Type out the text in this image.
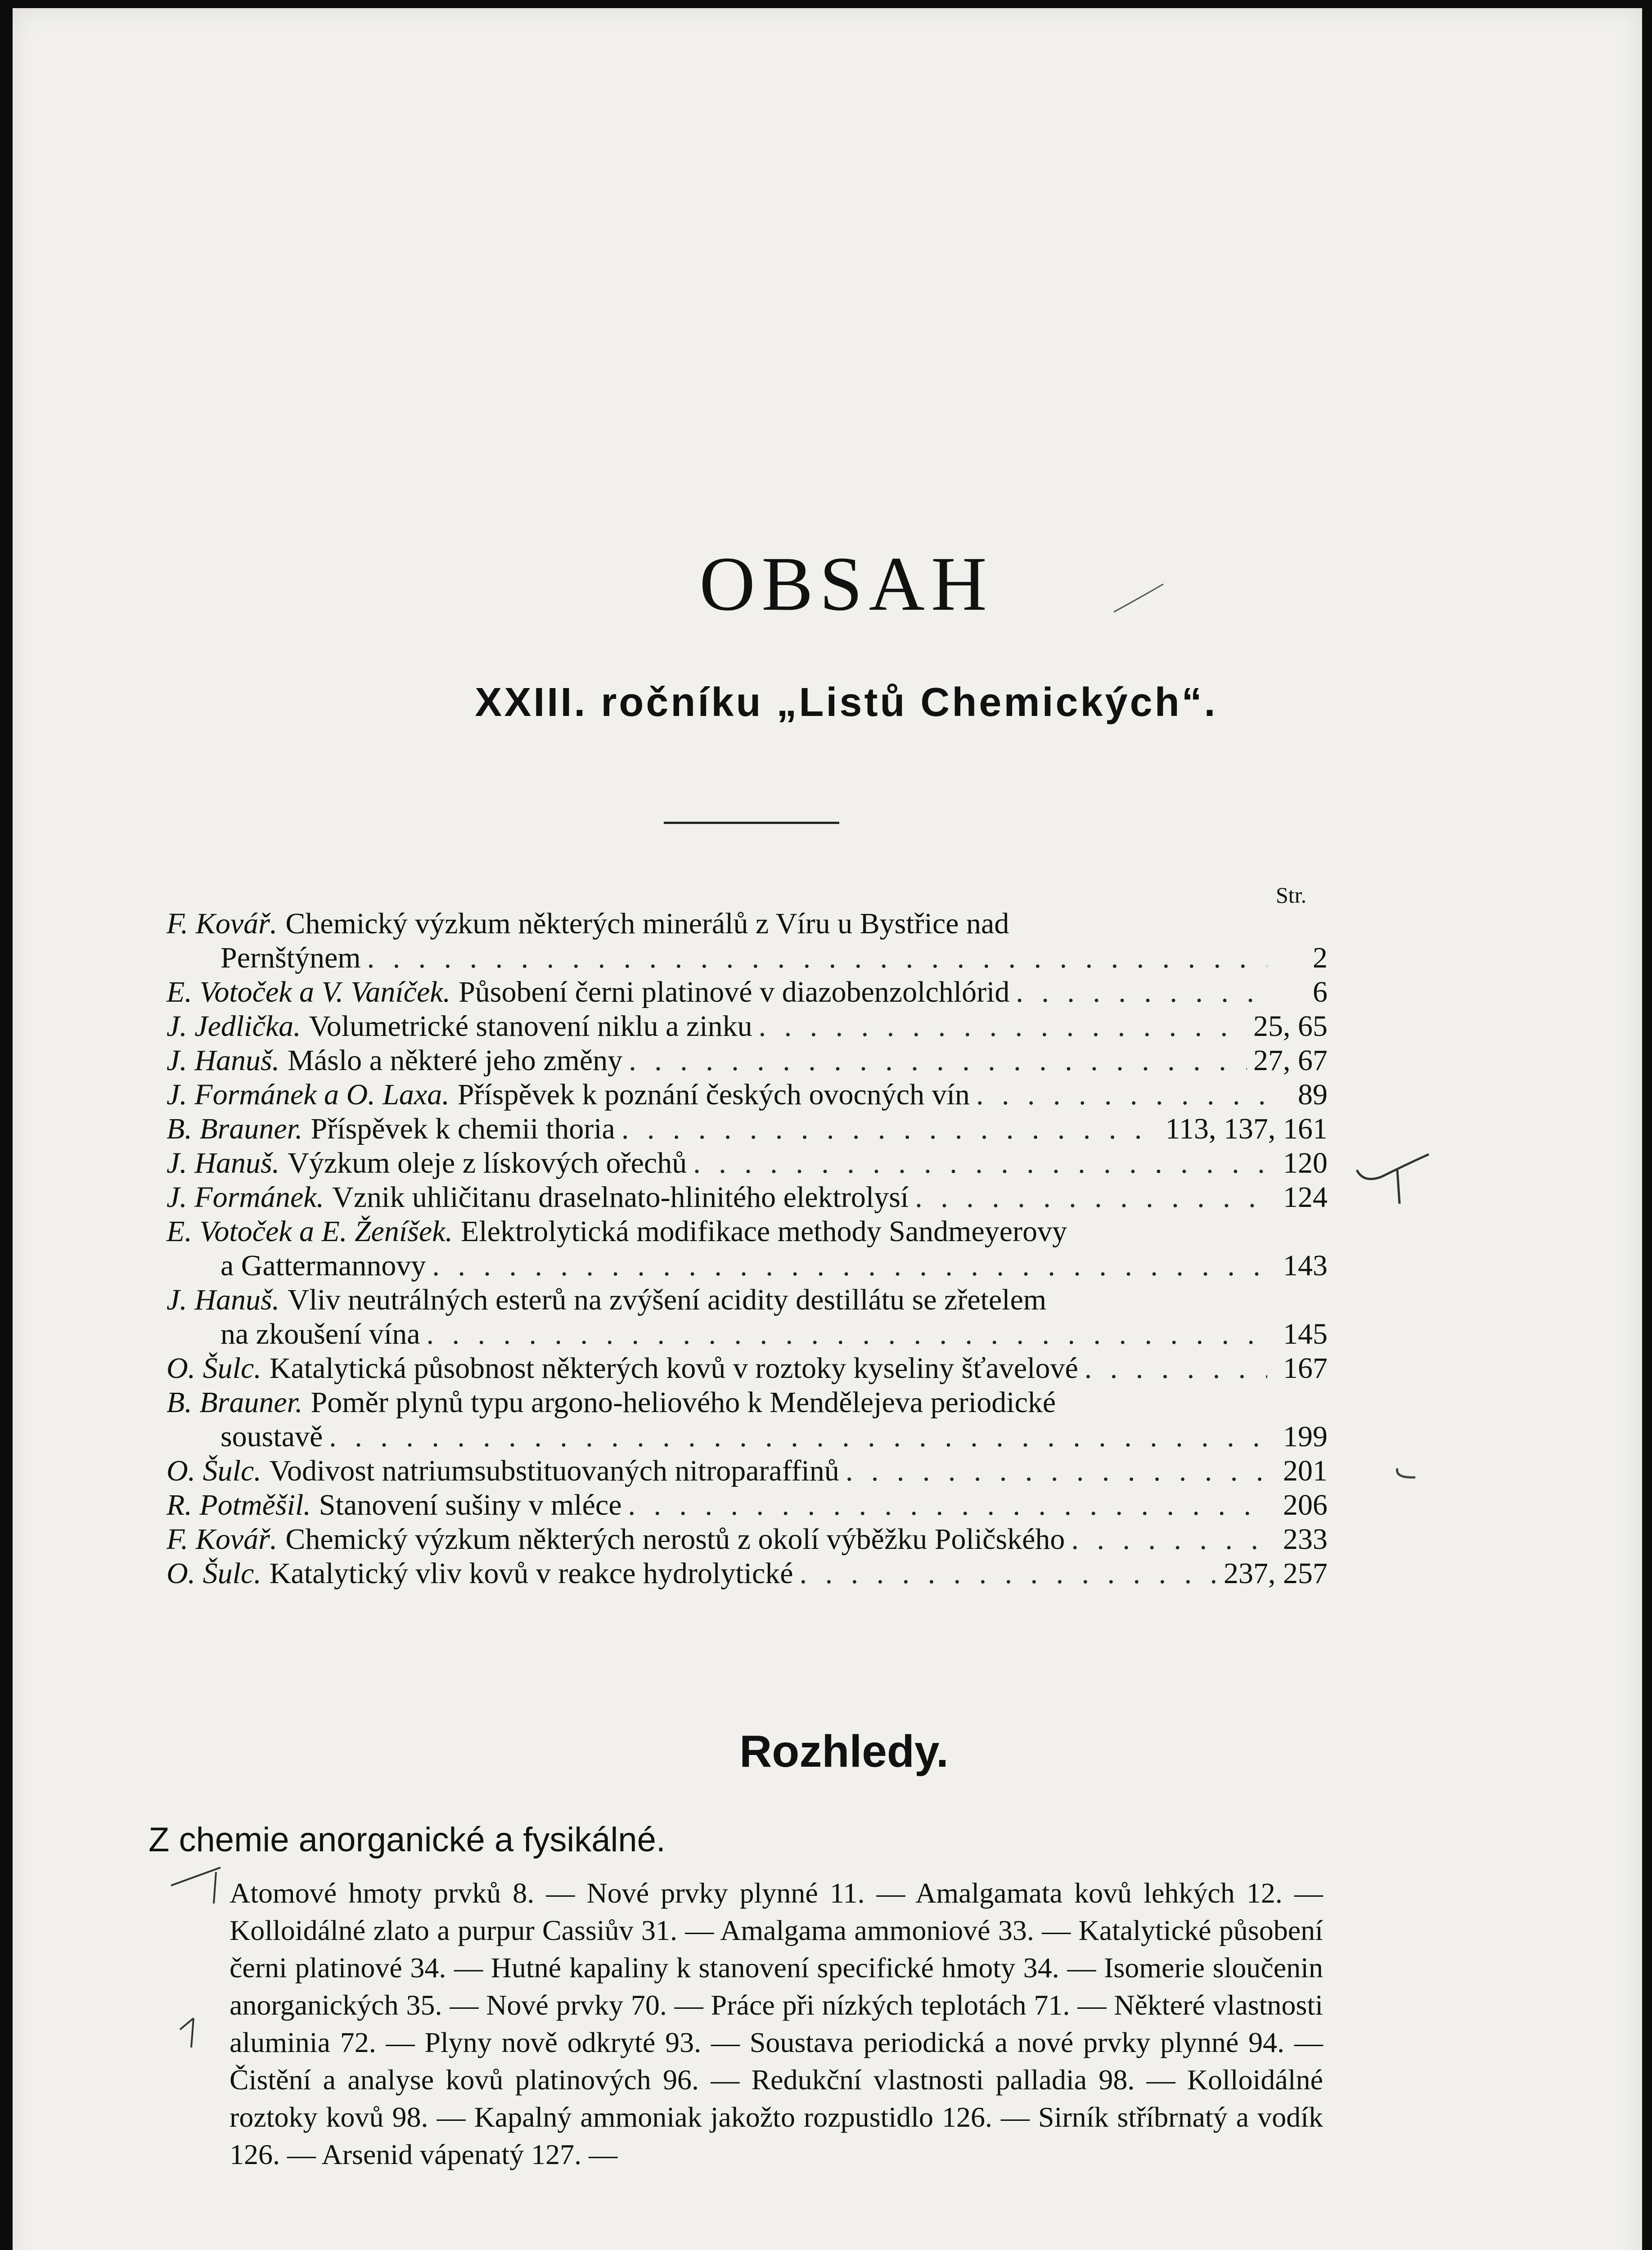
OBSAH
XXIII. ročníku „Listů Chemických“.
Str.
F. Kovář. Chemický výzkum některých minerálů z Víru u Bystřice nad
Pernštýnem . . .	2
E. Votoček a V. Vaníček. Působení černi platinové v diazobenzolchlórid . . .	6
J. Jedlička. Volumetrické stanovení niklu a zinku . . .	25, 65
J. Hanuš. Máslo a některé jeho změny . . .	27, 67
J. Formánek a O. Laxa. Příspěvek k poznání českých ovocných vín . . .	89
B. Brauner. Příspěvek k chemii thoria . . .	113, 137, 161
J. Hanuš. Výzkum oleje z lískových ořechů . . .	120
J. Formánek. Vznik uhličitanu draselnato-hlinitého elektrolysí . . .	124
E. Votoček a E. Ženíšek. Elektrolytická modifikace methody Sandmeyerovy
a Gattermannovy . . .	143
J. Hanuš. Vliv neutrálných esterů na zvýšení acidity destillátu se zřetelem
na zkoušení vína . . .	145
O. Šulc. Katalytická působnost některých kovů v roztoky kyseliny šťavelové . . .	167
B. Brauner. Poměr plynů typu argono-heliového k Mendělejeva periodické
soustavě . . .	199
O. Šulc. Vodivost natriumsubstituovaných nitroparaffinů . . .	201
R. Potměšil. Stanovení sušiny v mléce . . .	206
F. Kovář. Chemický výzkum některých nerostů z okolí výběžku Poličského . . .	233
O. Šulc. Katalytický vliv kovů v reakce hydrolytické . . .	237, 257
Rozhledy.
Z chemie anorganické a fysikálné.
Atomové hmoty prvků 8. — Nové prvky plynné 11. — Amalgamata kovů lehkých 12. — Kolloidálné zlato a purpur Cassiův 31. — Amalgama ammoniové 33. — Katalytické působení černi platinové 34. — Hutné kapaliny k stanovení specifické hmoty 34. — Isomerie sloučenin anorganických 35. — Nové prvky 70. — Práce při nízkých teplotách 71. — Některé vlastnosti aluminia 72. — Plyny nově odkryté 93. — Soustava periodická a nové prvky plynné 94. — Čistění a analyse kovů platinových 96. — Redukční vlastnosti palladia 98. — Kolloidálné roztoky kovů 98. — Kapalný ammoniak jakožto rozpustidlo 126. — Sirník stříbrnatý a vodík 126. — Arsenid vápenatý 127. —
